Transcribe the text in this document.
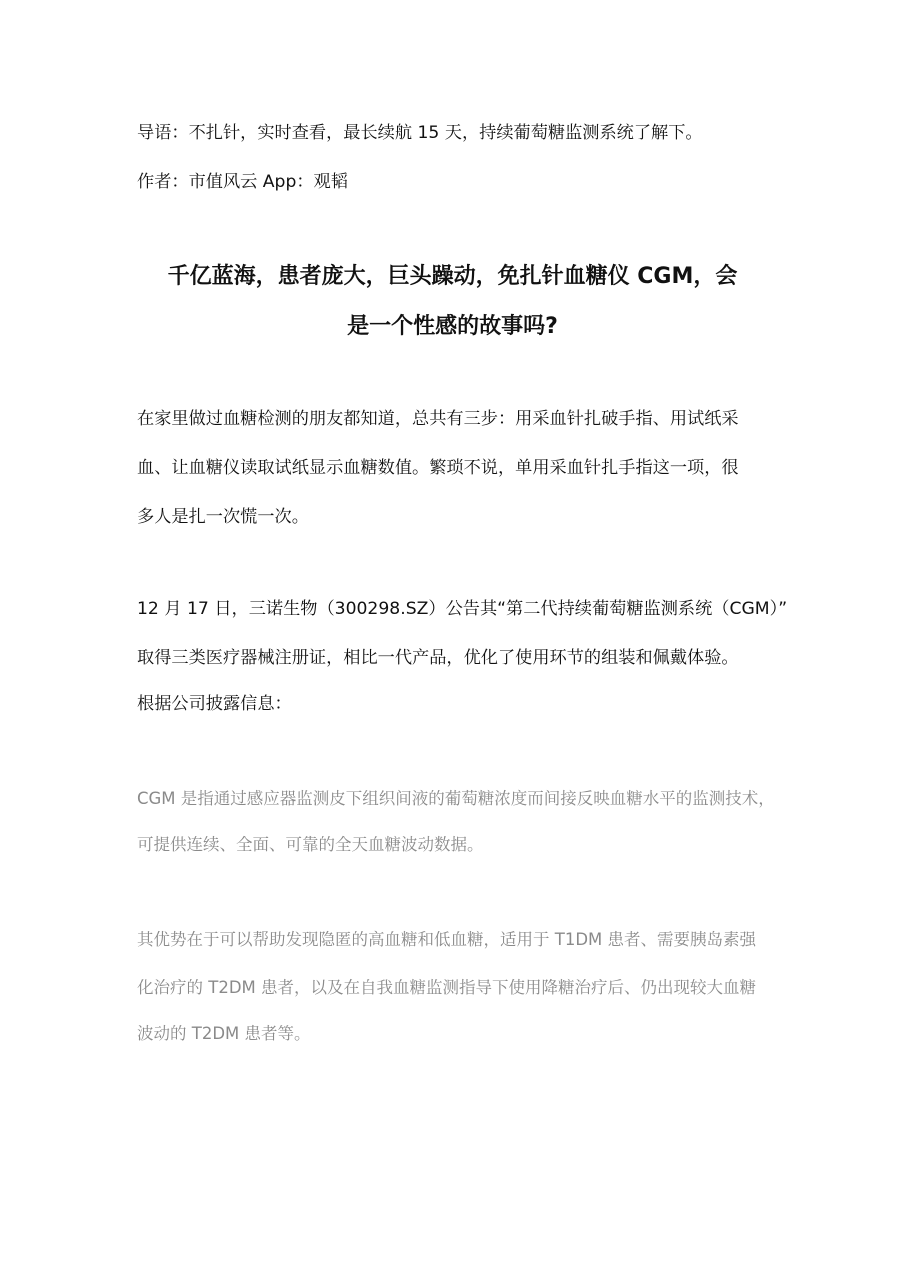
导语：不扎针，实时查看，最长续航 15 天，持续葡萄糖监测系统了解下。
作者：市值风云 App：观韬
千亿蓝海，患者庞大，巨头躁动，免扎针血糖仪 CGM，会
是一个性感的故事吗?
在家里做过血糖检测的朋友都知道，总共有三步：用采血针扎破手指、用试纸采
血、让血糖仪读取试纸显示血糖数值。繁琐不说，单用采血针扎手指这一项，很
多人是扎一次慌一次。
12 月 17 日，三诺生物（300298.SZ）公告其“第二代持续葡萄糖监测系统（CGM）”
取得三类医疗器械注册证，相比一代产品，优化了使用环节的组装和佩戴体验。
根据公司披露信息：
CGM 是指通过感应器监测皮下组织间液的葡萄糖浓度而间接反映血糖水平的监测技术，
可提供连续、全面、可靠的全天血糖波动数据。
其优势在于可以帮助发现隐匿的高血糖和低血糖，适用于 T1DM 患者、需要胰岛素强
化治疗的 T2DM 患者，以及在自我血糖监测指导下使用降糖治疗后、仍出现较大血糖
波动的 T2DM 患者等。
